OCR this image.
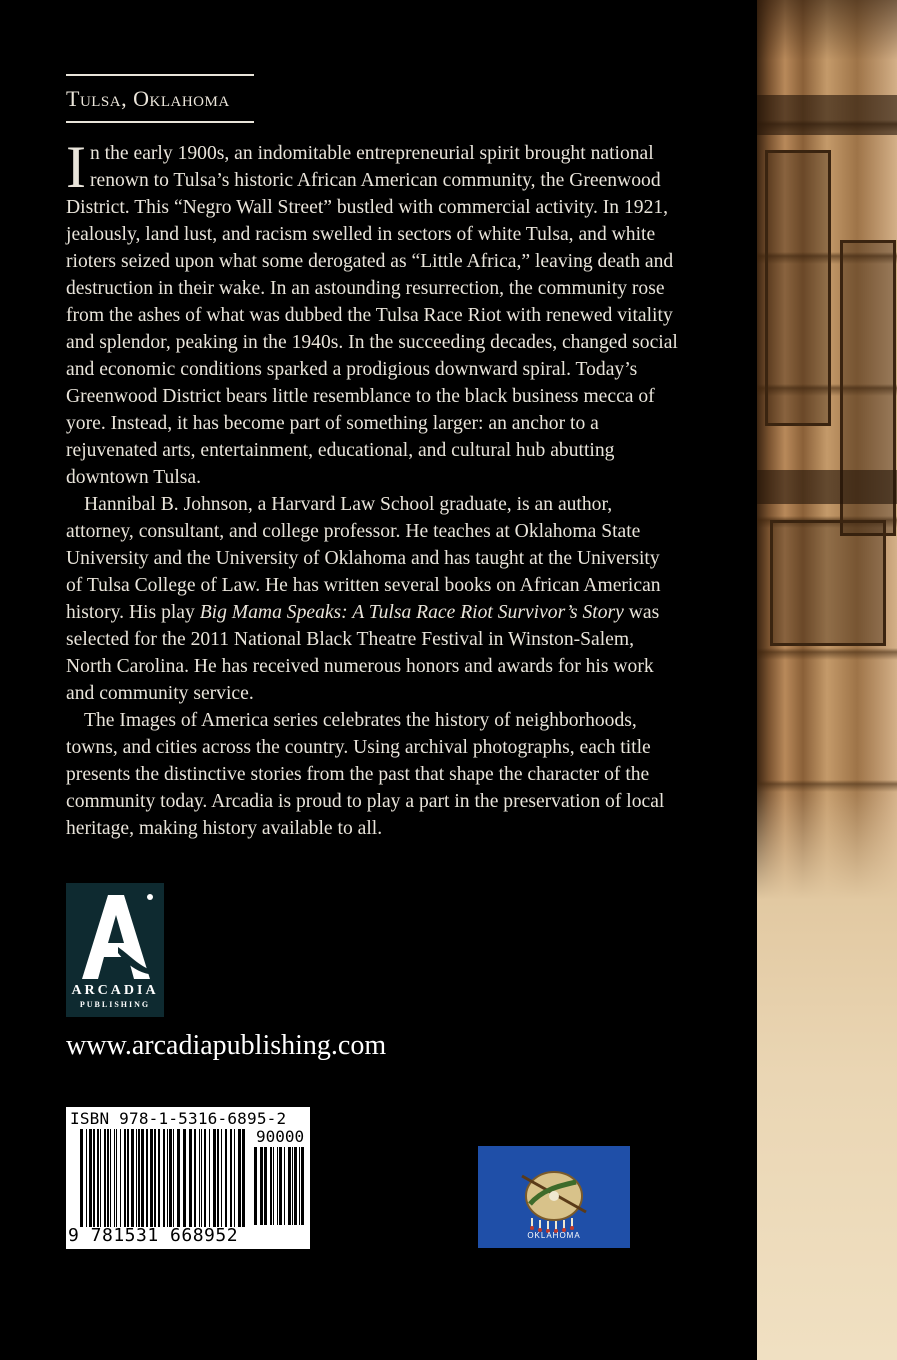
Tulsa, Oklahoma

In the early 1900s, an indomitable entrepreneurial spirit brought national renown to Tulsa’s historic African American community, the Greenwood District. This “Negro Wall Street” bustled with commercial activity. In 1921, jealously, land lust, and racism swelled in sectors of white Tulsa, and white rioters seized upon what some derogated as “Little Africa,” leaving death and destruction in their wake. In an astounding resurrection, the community rose from the ashes of what was dubbed the Tulsa Race Riot with renewed vitality and splendor, peaking in the 1940s. In the succeeding decades, changed social and economic conditions sparked a prodigious downward spiral. Today’s Greenwood District bears little resemblance to the black business mecca of yore. Instead, it has become part of something larger: an anchor to a rejuvenated arts, entertainment, educational, and cultural hub abutting downtown Tulsa.

Hannibal B. Johnson, a Harvard Law School graduate, is an author, attorney, consultant, and college professor. He teaches at Oklahoma State University and the University of Oklahoma and has taught at the University of Tulsa College of Law. He has written several books on African American history. His play Big Mama Speaks: A Tulsa Race Riot Survivor’s Story was selected for the 2011 National Black Theatre Festival in Winston-Salem, North Carolina. He has received numerous honors and awards for his work and community service.

The Images of America series celebrates the history of neighborhoods, towns, and cities across the country. Using archival photographs, each title presents the distinctive stories from the past that shape the character of the community today. Arcadia is proud to play a part in the preservation of local heritage, making history available to all.

ARCADIA
PUBLISHING
www.arcadiapublishing.com
ISBN 978-1-5316-6895-2
90000
9 781531 668952	OKLAHOMA
